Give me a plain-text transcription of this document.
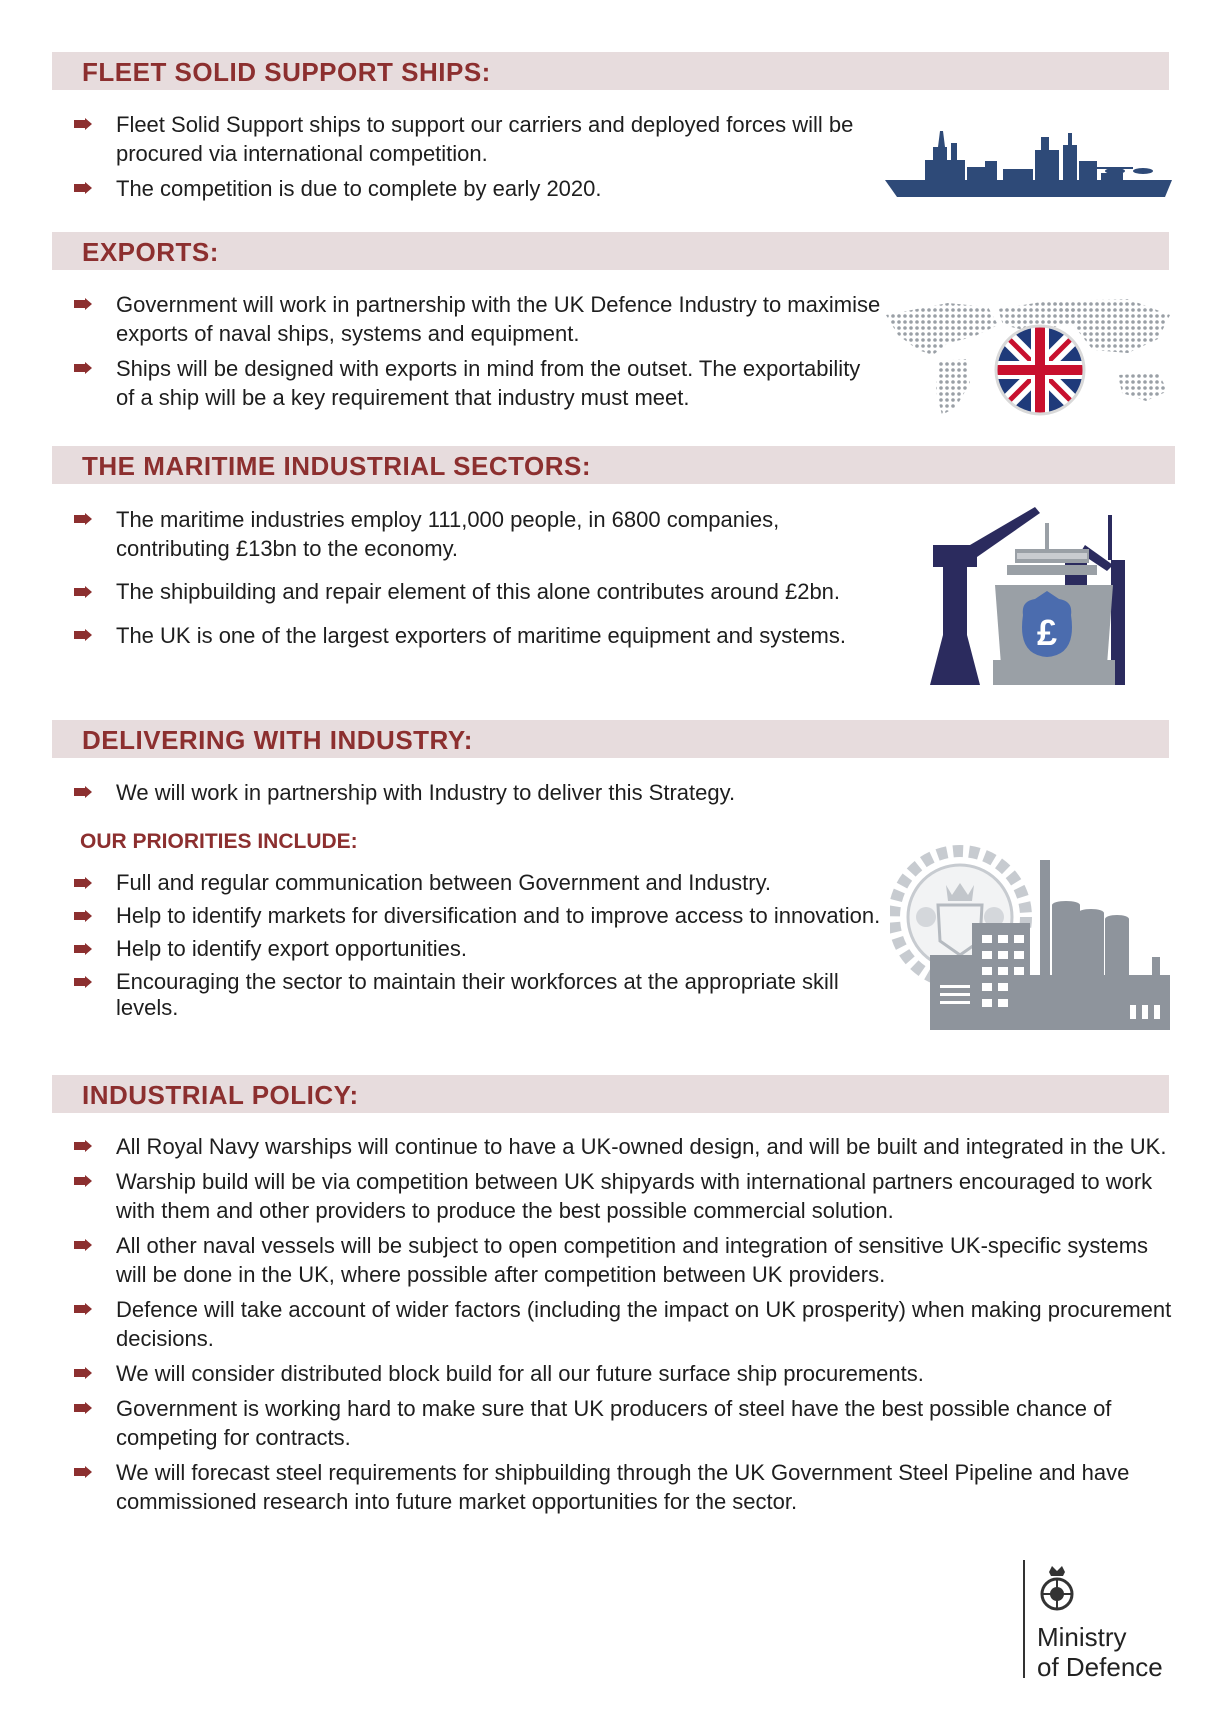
FLEET SOLID SUPPORT SHIPS:
Fleet Solid Support ships to support our carriers and deployed forces will be procured via international competition.
The competition is due to complete by early 2020.
EXPORTS:
Government will work in partnership with the UK Defence Industry to maximise exports of naval ships, systems and equipment.
Ships will be designed with exports in mind from the outset. The exportability of a ship will be a key requirement that industry must meet.
THE MARITIME INDUSTRIAL SECTORS:
The maritime industries employ 111,000 people, in 6800 companies, contributing £13bn to the economy.
The shipbuilding and repair element of this alone contributes around £2bn.
The UK is one of the largest exporters of maritime equipment and systems.	£
DELIVERING WITH INDUSTRY:
We will work in partnership with Industry to deliver this Strategy.

OUR PRIORITIES INCLUDE:

Full and regular communication between Government and Industry.
Help to identify markets for diversification and to improve access to innovation.
Help to identify export opportunities.
Encouraging the sector to maintain their workforces at the appropriate skill levels.
INDUSTRIAL POLICY:
All Royal Navy warships will continue to have a UK-owned design, and will be built and integrated in the UK.
Warship build will be via competition between UK shipyards with international partners encouraged to work with them and other providers to produce the best possible commercial solution.
All other naval vessels will be subject to open competition and integration of sensitive UK-specific systems will be done in the UK, where possible after competition between UK providers.
Defence will take account of wider factors (including the impact on UK prosperity) when making procurement decisions.
We will consider distributed block build for all our future surface ship procurements.
Government is working hard to make sure that UK producers of steel have the best possible chance of competing for contracts.
We will forecast steel requirements for shipbuilding through the UK Government Steel Pipeline and have commissioned research into future market opportunities for the sector.
Ministry
of Defence
